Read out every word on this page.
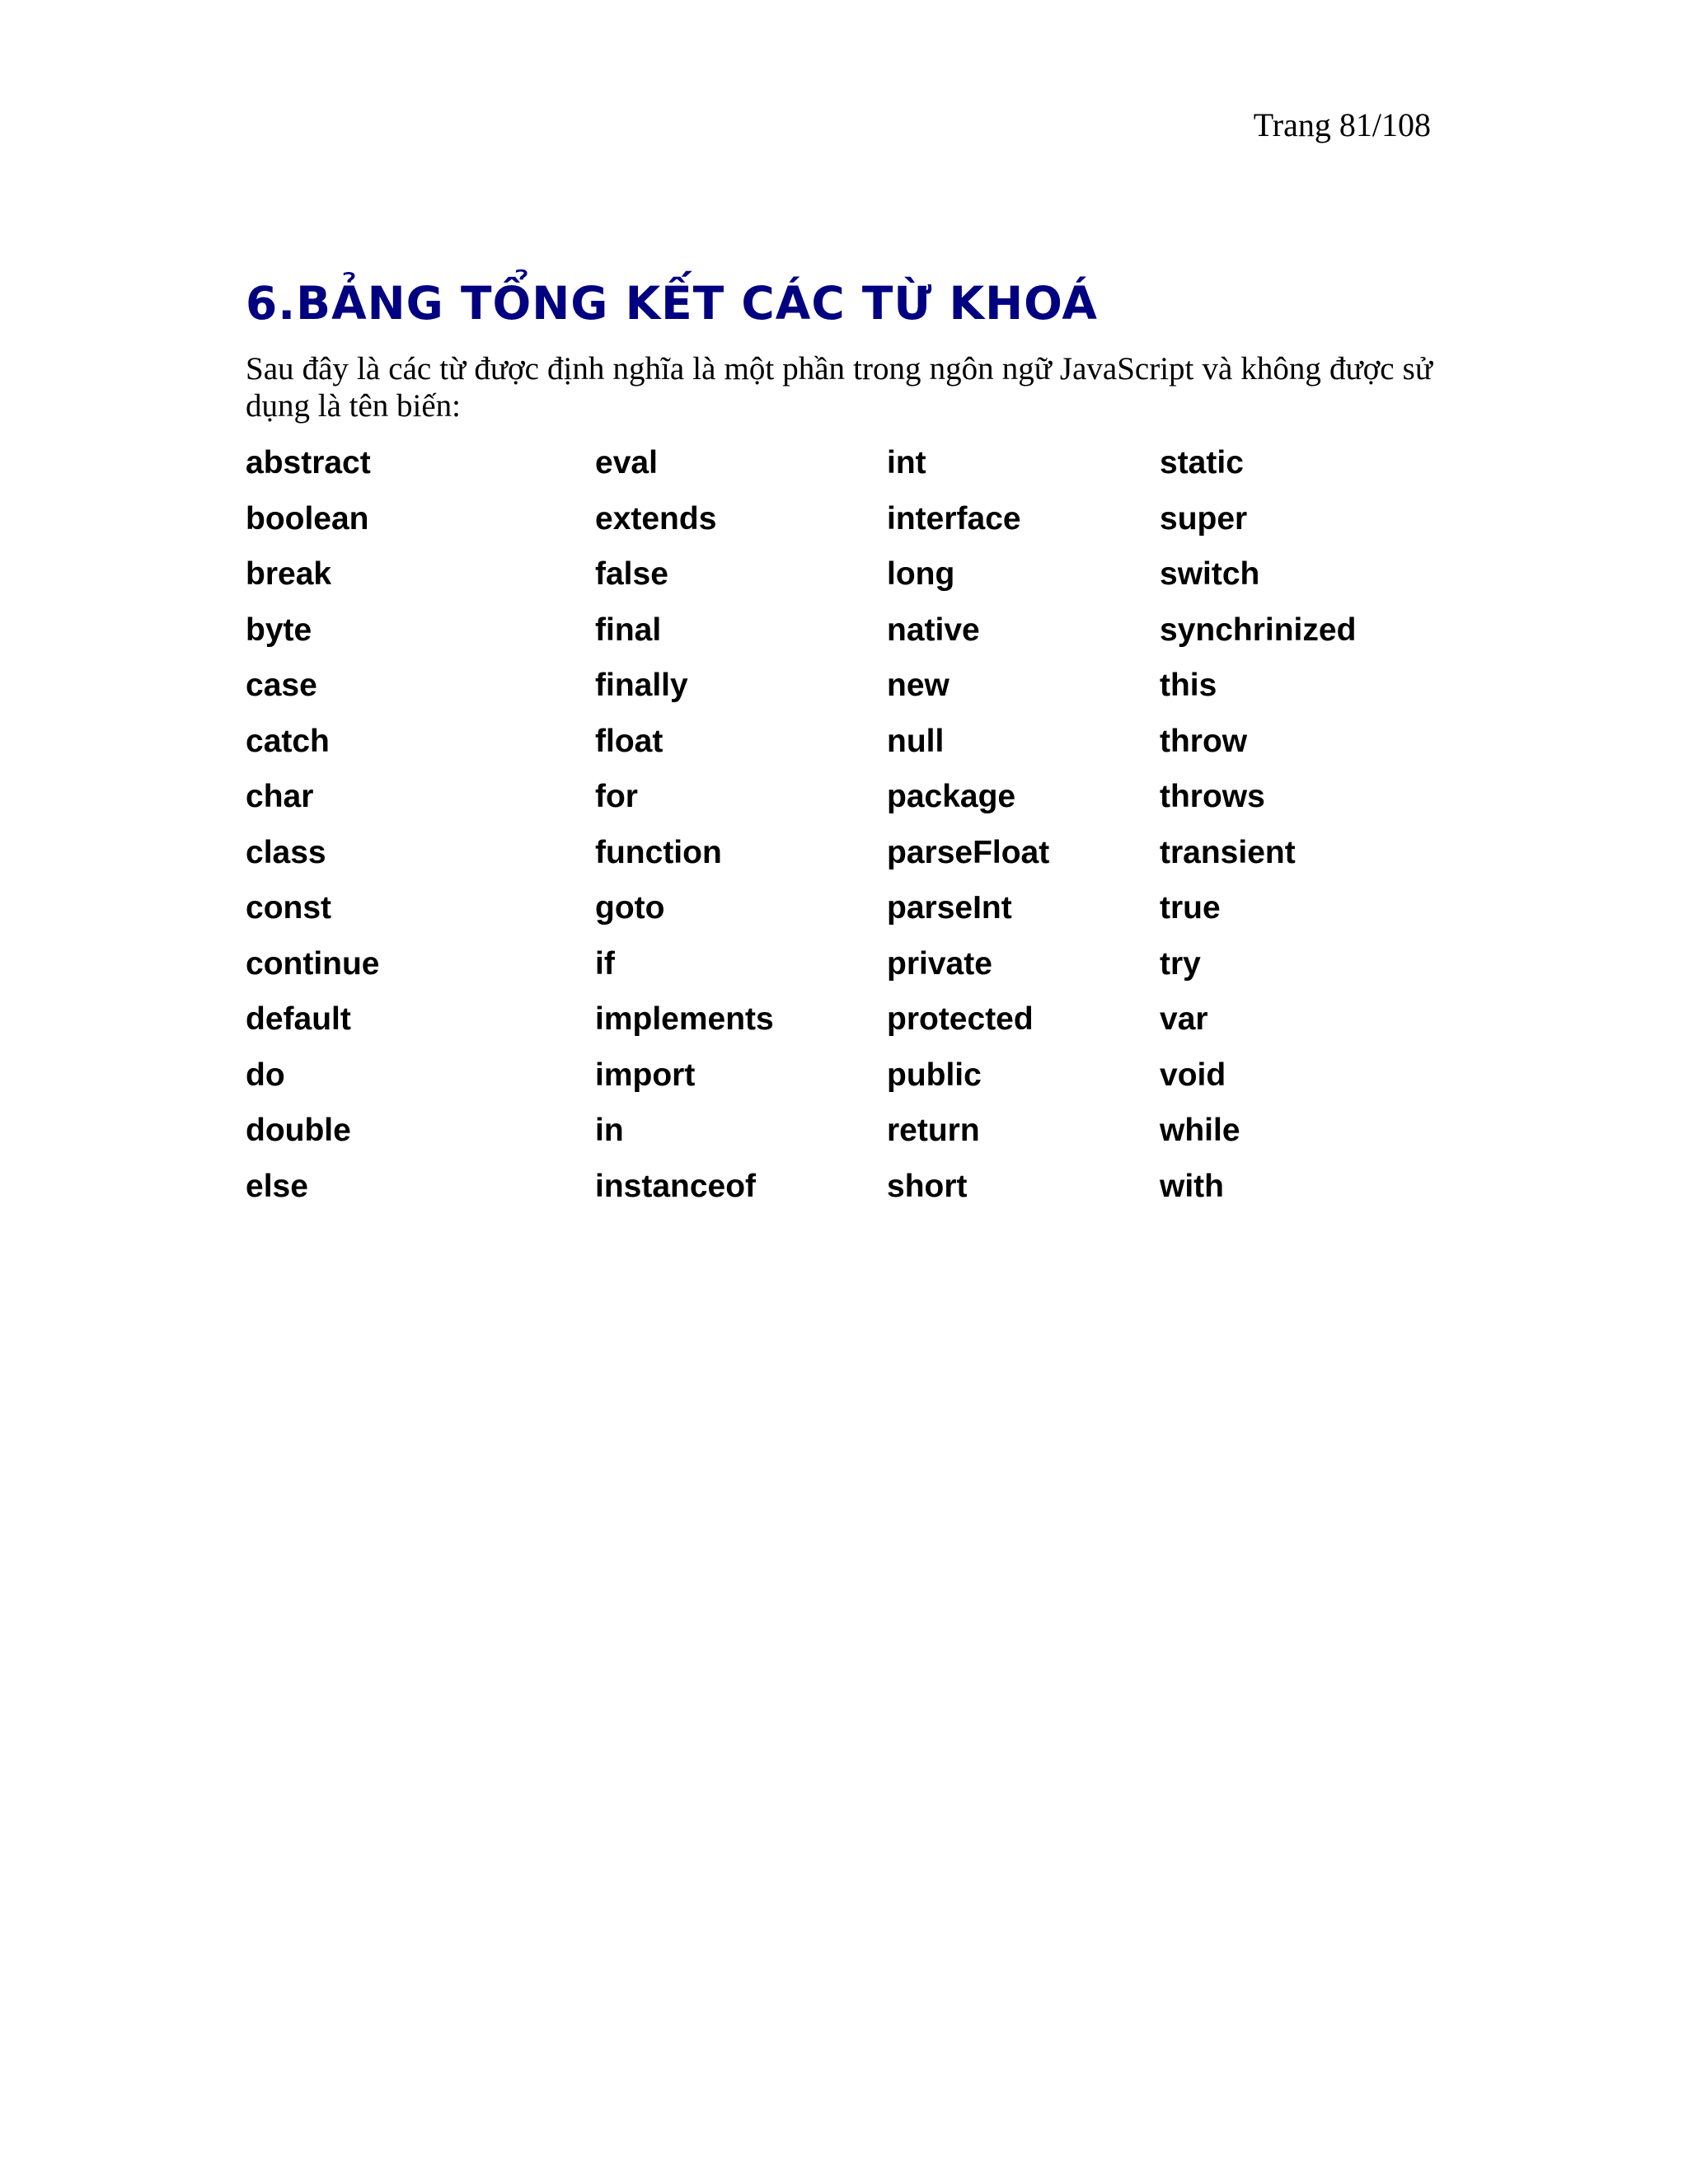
Trang 81/108
6.BẢNG TỔNG KẾT CÁC TỪ KHOÁ

Sau đây là các từ được định nghĩa là một phần trong ngôn ngữ JavaScript và không được sử dụng là tên biến:

abstract	eval	int	static
boolean	extends	interface	super
break	false	long	switch
byte	final	native	synchrinized
case	finally	new	this
catch	float	null	throw
char	for	package	throws
class	function	parseFloat	transient
const	goto	parseInt	true
continue	if	private	try
default	implements	protected	var
do	import	public	void
double	in	return	while
else	instanceof	short	with
